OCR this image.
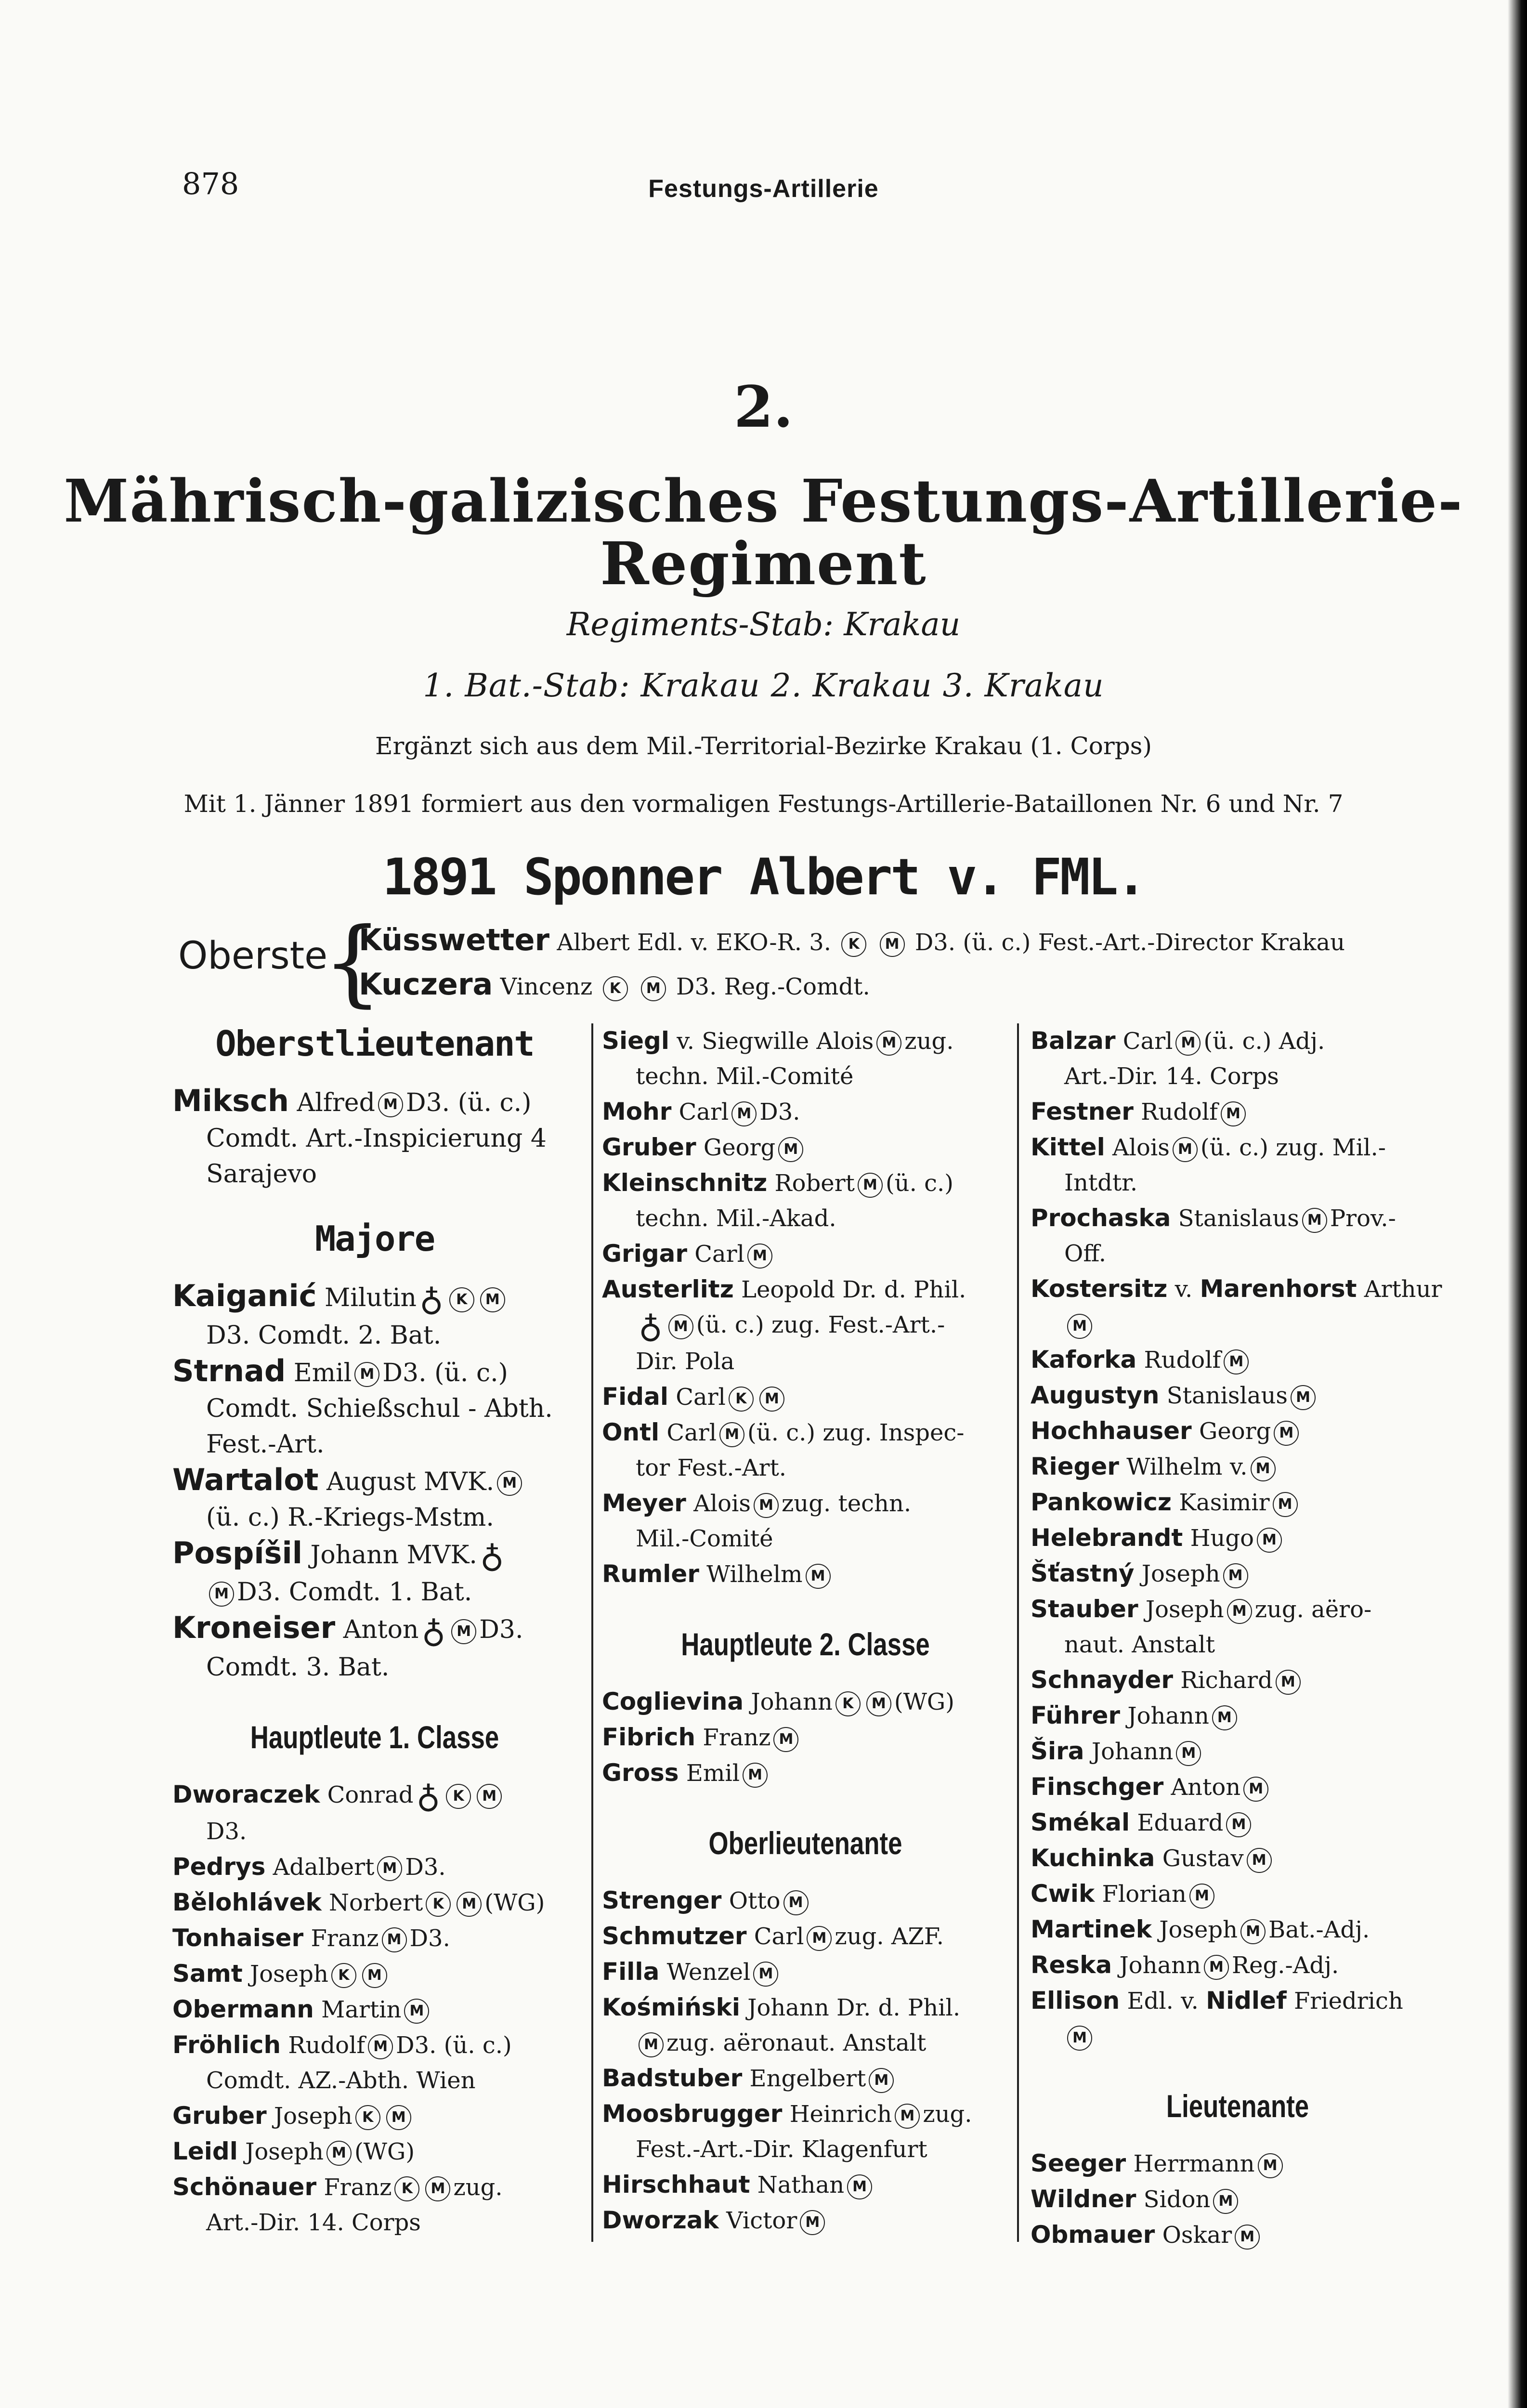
878	Festungs-Artillerie
2.
Mährisch-galizisches Festungs-Artillerie-
Regiment
Regiments-Stab: Krakau
1. Bat.-Stab: Krakau 2. Krakau 3. Krakau
Ergänzt sich aus dem Mil.-Territorial-Bezirke Krakau (1. Corps)
Mit 1. Jänner 1891 formiert aus den vormaligen Festungs-Artillerie-Bataillonen Nr. 6 und Nr. 7
1891 Sponner Albert v. FML.
Oberste
{
Küsswetter Albert Edl. v. EKO-R. 3. K M D3. (ü. c.) Fest.-Art.-Director Krakau
Kuczera Vincenz K M D3. Reg.-Comdt.
Oberstlieutenant
Miksch Alfred M D3. (ü. c.)
Comdt. Art.-Inspicierung 4
Sarajevo
Majore
Kaiganić Milutin♁ K M
D3. Comdt. 2. Bat.
Strnad Emil M D3. (ü. c.)
Comdt. Schießschul - Abth.
Fest.-Art.
Wartalot August MVK. M
(ü. c.) R.-Kriegs-Mstm.
Pospíšil Johann MVK.♁
M D3. Comdt. 1. Bat.
Kroneiser Anton♁ M D3.
Comdt. 3. Bat.
Hauptleute 1. Classe
Dworaczek Conrad♁ K M
D3.
Pedrys Adalbert M D3.
Bělohlávek Norbert K M (WG)
Tonhaiser Franz M D3.
Samt Joseph K M
Obermann Martin M
Fröhlich Rudolf M D3. (ü. c.)
Comdt. AZ.-Abth. Wien
Gruber Joseph K M
Leidl Joseph M (WG)
Schönauer Franz K M zug.
Art.-Dir. 14. Corps
Siegl v. Siegwille Alois M zug.
techn. Mil.-Comité
Mohr Carl M D3.
Gruber Georg M
Kleinschnitz Robert M (ü. c.)
techn. Mil.-Akad.
Grigar Carl M
Austerlitz Leopold Dr. d. Phil.
♁ M (ü. c.) zug. Fest.-Art.-
Dir. Pola
Fidal Carl K M
Ontl Carl M (ü. c.) zug. Inspec-
tor Fest.-Art.
Meyer Alois M zug. techn.
Mil.-Comité
Rumler Wilhelm M
Hauptleute 2. Classe
Coglievina Johann K M (WG)
Fibrich Franz M
Gross Emil M
Oberlieutenante
Strenger Otto M
Schmutzer Carl M zug. AZF.
Filla Wenzel M
Kośmiński Johann Dr. d. Phil.
M zug. aëronaut. Anstalt
Badstuber Engelbert M
Moosbrugger Heinrich M zug.
Fest.-Art.-Dir. Klagenfurt
Hirschhaut Nathan M
Dworzak Victor M
Balzar Carl M (ü. c.) Adj.
Art.-Dir. 14. Corps
Festner Rudolf M
Kittel Alois M (ü. c.) zug. Mil.-
Intdtr.
Prochaska Stanislaus M Prov.-
Off.
Kostersitz v. Marenhorst Arthur
M
Kaforka Rudolf M
Augustyn Stanislaus M
Hochhauser Georg M
Rieger Wilhelm v. M
Pankowicz Kasimir M
Helebrandt Hugo M
Šťastný Joseph M
Stauber Joseph M zug. aëro-
naut. Anstalt
Schnayder Richard M
Führer Johann M
Šira Johann M
Finschger Anton M
Smékal Eduard M
Kuchinka Gustav M
Cwik Florian M
Martinek Joseph M Bat.-Adj.
Reska Johann M Reg.-Adj.
Ellison Edl. v. Nidlef Friedrich
M
Lieutenante
Seeger Herrmann M
Wildner Sidon M
Obmauer Oskar M
